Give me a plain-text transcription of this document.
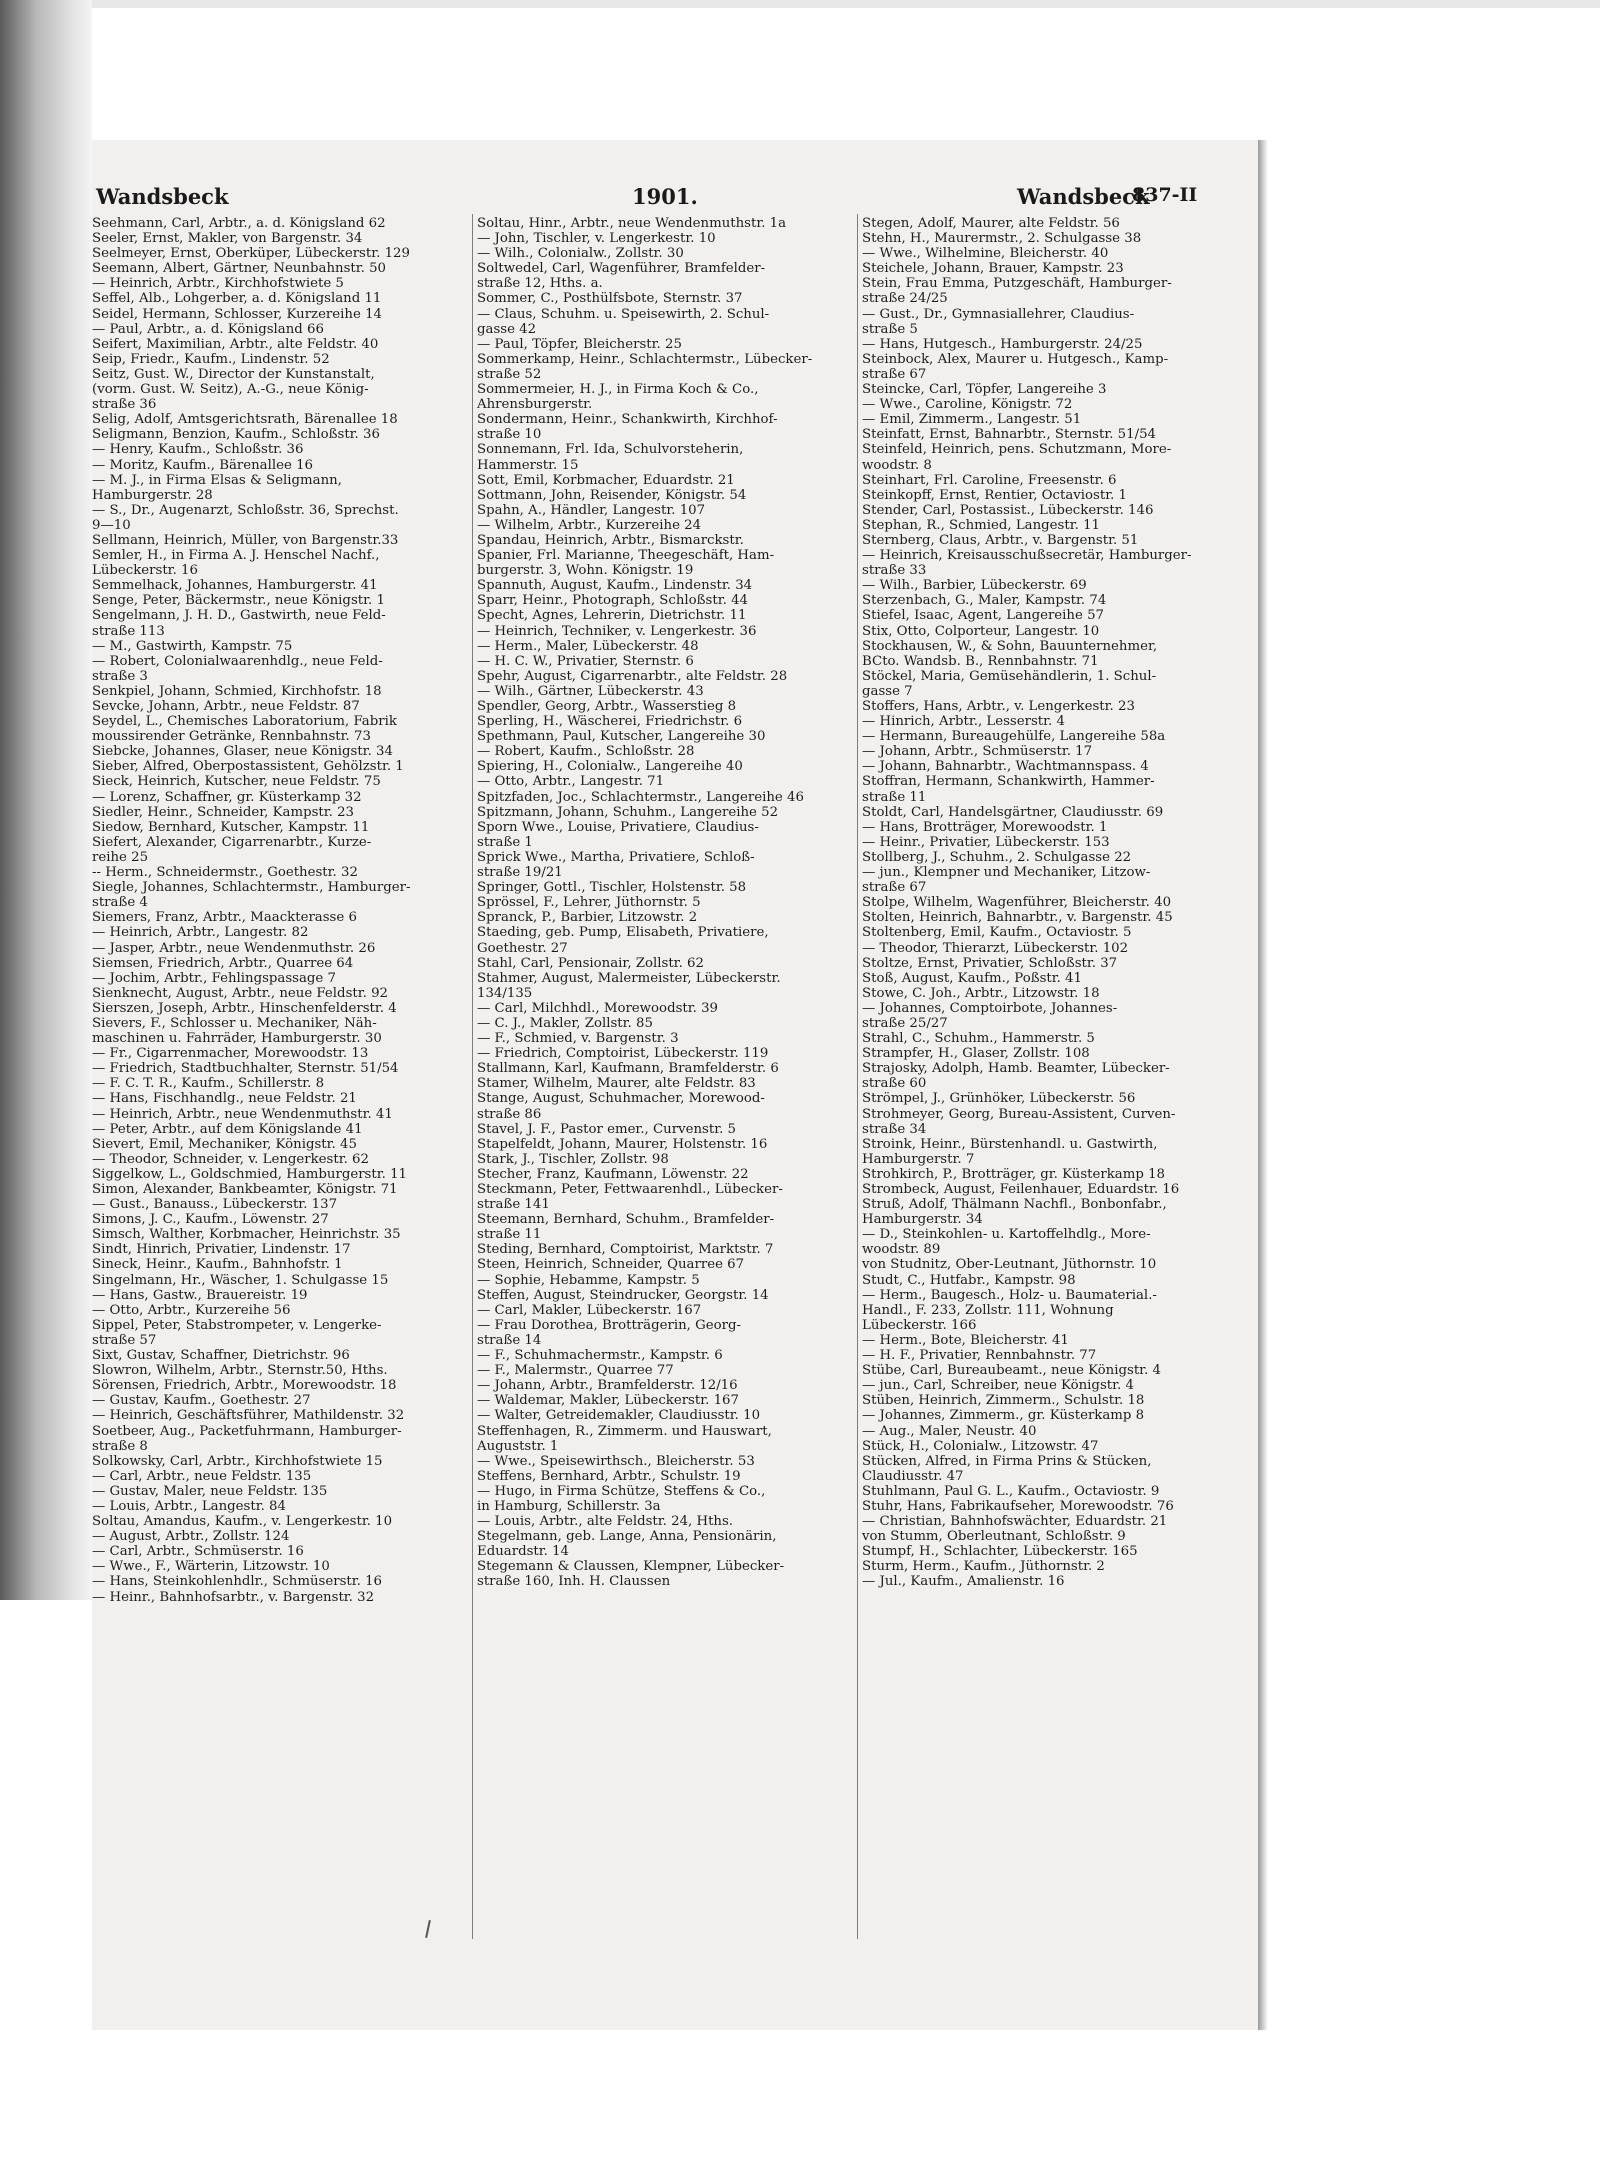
Wandsbeck	1901.	Wandsbeck
837-II
Seehmann, Carl, Arbtr., a. d. Königsland 62
Seeler, Ernst, Makler, von Bargenstr. 34
Seelmeyer, Ernst, Oberküper, Lübeckerstr. 129
Seemann, Albert, Gärtner, Neunbahnstr. 50
— Heinrich, Arbtr., Kirchhofstwiete 5
Seffel, Alb., Lohgerber, a. d. Königsland 11
Seidel, Hermann, Schlosser, Kurzereihe 14
— Paul, Arbtr., a. d. Königsland 66
Seifert, Maximilian, Arbtr., alte Feldstr. 40
Seip, Friedr., Kaufm., Lindenstr. 52
Seitz, Gust. W., Director der Kunstanstalt,
(vorm. Gust. W. Seitz), A.-G., neue König-
straße 36
Selig, Adolf, Amtsgerichtsrath, Bärenallee 18
Seligmann, Benzion, Kaufm., Schloßstr. 36
— Henry, Kaufm., Schloßstr. 36
— Moritz, Kaufm., Bärenallee 16
— M. J., in Firma Elsas & Seligmann,
Hamburgerstr. 28
— S., Dr., Augenarzt, Schloßstr. 36, Sprechst.
9—10
Sellmann, Heinrich, Müller, von Bargenstr.33
Semler, H., in Firma A. J. Henschel Nachf.,
Lübeckerstr. 16
Semmelhack, Johannes, Hamburgerstr. 41
Senge, Peter, Bäckermstr., neue Königstr. 1
Sengelmann, J. H. D., Gastwirth, neue Feld-
straße 113
— M., Gastwirth, Kampstr. 75
— Robert, Colonialwaarenhdlg., neue Feld-
straße 3
Senkpiel, Johann, Schmied, Kirchhofstr. 18
Sevcke, Johann, Arbtr., neue Feldstr. 87
Seydel, L., Chemisches Laboratorium, Fabrik
moussirender Getränke, Rennbahnstr. 73
Siebcke, Johannes, Glaser, neue Königstr. 34
Sieber, Alfred, Oberpostassistent, Gehölzstr. 1
Sieck, Heinrich, Kutscher, neue Feldstr. 75
— Lorenz, Schaffner, gr. Küsterkamp 32
Siedler, Heinr., Schneider, Kampstr. 23
Siedow, Bernhard, Kutscher, Kampstr. 11
Siefert, Alexander, Cigarrenarbtr., Kurze-
reihe 25
-- Herm., Schneidermstr., Goethestr. 32
Siegle, Johannes, Schlachtermstr., Hamburger-
straße 4
Siemers, Franz, Arbtr., Maackterasse 6
— Heinrich, Arbtr., Langestr. 82
— Jasper, Arbtr., neue Wendenmuthstr. 26
Siemsen, Friedrich, Arbtr., Quarree 64
— Jochim, Arbtr., Fehlingspassage 7
Sienknecht, August, Arbtr., neue Feldstr. 92
Sierszen, Joseph, Arbtr., Hinschenfelderstr. 4
Sievers, F., Schlosser u. Mechaniker, Näh-
maschinen u. Fahrräder, Hamburgerstr. 30
— Fr., Cigarrenmacher, Morewoodstr. 13
— Friedrich, Stadtbuchhalter, Sternstr. 51/54
— F. C. T. R., Kaufm., Schillerstr. 8
— Hans, Fischhandlg., neue Feldstr. 21
— Heinrich, Arbtr., neue Wendenmuthstr. 41
— Peter, Arbtr., auf dem Königslande 41
Sievert, Emil, Mechaniker, Königstr. 45
— Theodor, Schneider, v. Lengerkestr. 62
Siggelkow, L., Goldschmied, Hamburgerstr. 11
Simon, Alexander, Bankbeamter, Königstr. 71
— Gust., Banauss., Lübeckerstr. 137
Simons, J. C., Kaufm., Löwenstr. 27
Simsch, Walther, Korbmacher, Heinrichstr. 35
Sindt, Hinrich, Privatier, Lindenstr. 17
Sineck, Heinr., Kaufm., Bahnhofstr. 1
Singelmann, Hr., Wäscher, 1. Schulgasse 15
— Hans, Gastw., Brauereistr. 19
— Otto, Arbtr., Kurzereihe 56
Sippel, Peter, Stabstrompeter, v. Lengerke-
straße 57
Sixt, Gustav, Schaffner, Dietrichstr. 96
Slowron, Wilhelm, Arbtr., Sternstr.50, Hths.
Sörensen, Friedrich, Arbtr., Morewoodstr. 18
— Gustav, Kaufm., Goethestr. 27
— Heinrich, Geschäftsführer, Mathildenstr. 32
Soetbeer, Aug., Packetfuhrmann, Hamburger-
straße 8
Solkowsky, Carl, Arbtr., Kirchhofstwiete 15
— Carl, Arbtr., neue Feldstr. 135
— Gustav, Maler, neue Feldstr. 135
— Louis, Arbtr., Langestr. 84
Soltau, Amandus, Kaufm., v. Lengerkestr. 10
— August, Arbtr., Zollstr. 124
— Carl, Arbtr., Schmüserstr. 16
— Wwe., F., Wärterin, Litzowstr. 10
— Hans, Steinkohlenhdlr., Schmüserstr. 16
— Heinr., Bahnhofsarbtr., v. Bargenstr. 32
Soltau, Hinr., Arbtr., neue Wendenmuthstr. 1a
— John, Tischler, v. Lengerkestr. 10
— Wilh., Colonialw., Zollstr. 30
Soltwedel, Carl, Wagenführer, Bramfelder-
straße 12, Hths. a.
Sommer, C., Posthülfsbote, Sternstr. 37
— Claus, Schuhm. u. Speisewirth, 2. Schul-
gasse 42
— Paul, Töpfer, Bleicherstr. 25
Sommerkamp, Heinr., Schlachtermstr., Lübecker-
straße 52
Sommermeier, H. J., in Firma Koch & Co.,
Ahrensburgerstr.
Sondermann, Heinr., Schankwirth, Kirchhof-
straße 10
Sonnemann, Frl. Ida, Schulvorsteherin,
Hammerstr. 15
Sott, Emil, Korbmacher, Eduardstr. 21
Sottmann, John, Reisender, Königstr. 54
Spahn, A., Händler, Langestr. 107
— Wilhelm, Arbtr., Kurzereihe 24
Spandau, Heinrich, Arbtr., Bismarckstr.
Spanier, Frl. Marianne, Theegeschäft, Ham-
burgerstr. 3, Wohn. Königstr. 19
Spannuth, August, Kaufm., Lindenstr. 34
Sparr, Heinr., Photograph, Schloßstr. 44
Specht, Agnes, Lehrerin, Dietrichstr. 11
— Heinrich, Techniker, v. Lengerkestr. 36
— Herm., Maler, Lübeckerstr. 48
— H. C. W., Privatier, Sternstr. 6
Spehr, August, Cigarrenarbtr., alte Feldstr. 28
— Wilh., Gärtner, Lübeckerstr. 43
Spendler, Georg, Arbtr., Wasserstieg 8
Sperling, H., Wäscherei, Friedrichstr. 6
Spethmann, Paul, Kutscher, Langereihe 30
— Robert, Kaufm., Schloßstr. 28
Spiering, H., Colonialw., Langereihe 40
— Otto, Arbtr., Langestr. 71
Spitzfaden, Joc., Schlachtermstr., Langereihe 46
Spitzmann, Johann, Schuhm., Langereihe 52
Sporn Wwe., Louise, Privatiere, Claudius-
straße 1
Sprick Wwe., Martha, Privatiere, Schloß-
straße 19/21
Springer, Gottl., Tischler, Holstenstr. 58
Sprössel, F., Lehrer, Jüthornstr. 5
Spranck, P., Barbier, Litzowstr. 2
Staeding, geb. Pump, Elisabeth, Privatiere,
Goethestr. 27
Stahl, Carl, Pensionair, Zollstr. 62
Stahmer, August, Malermeister, Lübeckerstr.
134/135
— Carl, Milchhdl., Morewoodstr. 39
— C. J., Makler, Zollstr. 85
— F., Schmied, v. Bargenstr. 3
— Friedrich, Comptoirist, Lübeckerstr. 119
Stallmann, Karl, Kaufmann, Bramfelderstr. 6
Stamer, Wilhelm, Maurer, alte Feldstr. 83
Stange, August, Schuhmacher, Morewood-
straße 86
Stavel, J. F., Pastor emer., Curvenstr. 5
Stapelfeldt, Johann, Maurer, Holstenstr. 16
Stark, J., Tischler, Zollstr. 98
Stecher, Franz, Kaufmann, Löwenstr. 22
Steckmann, Peter, Fettwaarenhdl., Lübecker-
straße 141
Steemann, Bernhard, Schuhm., Bramfelder-
straße 11
Steding, Bernhard, Comptoirist, Marktstr. 7
Steen, Heinrich, Schneider, Quarree 67
— Sophie, Hebamme, Kampstr. 5
Steffen, August, Steindrucker, Georgstr. 14
— Carl, Makler, Lübeckerstr. 167
— Frau Dorothea, Brotträgerin, Georg-
straße 14
— F., Schuhmachermstr., Kampstr. 6
— F., Malermstr., Quarree 77
— Johann, Arbtr., Bramfelderstr. 12/16
— Waldemar, Makler, Lübeckerstr. 167
— Walter, Getreidemakler, Claudiusstr. 10
Steffenhagen, R., Zimmerm. und Hauswart,
Auguststr. 1
— Wwe., Speisewirthsch., Bleicherstr. 53
Steffens, Bernhard, Arbtr., Schulstr. 19
— Hugo, in Firma Schütze, Steffens & Co.,
in Hamburg, Schillerstr. 3a
— Louis, Arbtr., alte Feldstr. 24, Hths.
Stegelmann, geb. Lange, Anna, Pensionärin,
Eduardstr. 14
Stegemann & Claussen, Klempner, Lübecker-
straße 160, Inh. H. Claussen
Stegen, Adolf, Maurer, alte Feldstr. 56
Stehn, H., Maurermstr., 2. Schulgasse 38
— Wwe., Wilhelmine, Bleicherstr. 40
Steichele, Johann, Brauer, Kampstr. 23
Stein, Frau Emma, Putzgeschäft, Hamburger-
straße 24/25
— Gust., Dr., Gymnasiallehrer, Claudius-
straße 5
— Hans, Hutgesch., Hamburgerstr. 24/25
Steinbock, Alex, Maurer u. Hutgesch., Kamp-
straße 67
Steincke, Carl, Töpfer, Langereihe 3
— Wwe., Caroline, Königstr. 72
— Emil, Zimmerm., Langestr. 51
Steinfatt, Ernst, Bahnarbtr., Sternstr. 51/54
Steinfeld, Heinrich, pens. Schutzmann, More-
woodstr. 8
Steinhart, Frl. Caroline, Freesenstr. 6
Steinkopff, Ernst, Rentier, Octaviostr. 1
Stender, Carl, Postassist., Lübeckerstr. 146
Stephan, R., Schmied, Langestr. 11
Sternberg, Claus, Arbtr., v. Bargenstr. 51
— Heinrich, Kreisausschußsecretär, Hamburger-
straße 33
— Wilh., Barbier, Lübeckerstr. 69
Sterzenbach, G., Maler, Kampstr. 74
Stiefel, Isaac, Agent, Langereihe 57
Stix, Otto, Colporteur, Langestr. 10
Stockhausen, W., & Sohn, Bauunternehmer,
BCto. Wandsb. B., Rennbahnstr. 71
Stöckel, Maria, Gemüsehändlerin, 1. Schul-
gasse 7
Stoffers, Hans, Arbtr., v. Lengerkestr. 23
— Hinrich, Arbtr., Lesserstr. 4
— Hermann, Bureaugehülfe, Langereihe 58a
— Johann, Arbtr., Schmüserstr. 17
— Johann, Bahnarbtr., Wachtmannspass. 4
Stoffran, Hermann, Schankwirth, Hammer-
straße 11
Stoldt, Carl, Handelsgärtner, Claudiusstr. 69
— Hans, Brotträger, Morewoodstr. 1
— Heinr., Privatier, Lübeckerstr. 153
Stollberg, J., Schuhm., 2. Schulgasse 22
— jun., Klempner und Mechaniker, Litzow-
straße 67
Stolpe, Wilhelm, Wagenführer, Bleicherstr. 40
Stolten, Heinrich, Bahnarbtr., v. Bargenstr. 45
Stoltenberg, Emil, Kaufm., Octaviostr. 5
— Theodor, Thierarzt, Lübeckerstr. 102
Stoltze, Ernst, Privatier, Schloßstr. 37
Stoß, August, Kaufm., Poßstr. 41
Stowe, C. Joh., Arbtr., Litzowstr. 18
— Johannes, Comptoirbote, Johannes-
straße 25/27
Strahl, C., Schuhm., Hammerstr. 5
Strampfer, H., Glaser, Zollstr. 108
Strajosky, Adolph, Hamb. Beamter, Lübecker-
straße 60
Strömpel, J., Grünhöker, Lübeckerstr. 56
Strohmeyer, Georg, Bureau-Assistent, Curven-
straße 34
Stroink, Heinr., Bürstenhandl. u. Gastwirth,
Hamburgerstr. 7
Strohkirch, P., Brotträger, gr. Küsterkamp 18
Strombeck, August, Feilenhauer, Eduardstr. 16
Struß, Adolf, Thälmann Nachfl., Bonbonfabr.,
Hamburgerstr. 34
— D., Steinkohlen- u. Kartoffelhdlg., More-
woodstr. 89
von Studnitz, Ober-Leutnant, Jüthornstr. 10
Studt, C., Hutfabr., Kampstr. 98
— Herm., Baugesch., Holz- u. Baumaterial.-
Handl., F. 233, Zollstr. 111, Wohnung
Lübeckerstr. 166
— Herm., Bote, Bleicherstr. 41
— H. F., Privatier, Rennbahnstr. 77
Stübe, Carl, Bureaubeamt., neue Königstr. 4
— jun., Carl, Schreiber, neue Königstr. 4
Stüben, Heinrich, Zimmerm., Schulstr. 18
— Johannes, Zimmerm., gr. Küsterkamp 8
— Aug., Maler, Neustr. 40
Stück, H., Colonialw., Litzowstr. 47
Stücken, Alfred, in Firma Prins & Stücken,
Claudiusstr. 47
Stuhlmann, Paul G. L., Kaufm., Octaviostr. 9
Stuhr, Hans, Fabrikaufseher, Morewoodstr. 76
— Christian, Bahnhofswächter, Eduardstr. 21
von Stumm, Oberleutnant, Schloßstr. 9
Stumpf, H., Schlachter, Lübeckerstr. 165
Sturm, Herm., Kaufm., Jüthornstr. 2
— Jul., Kaufm., Amalienstr. 16
